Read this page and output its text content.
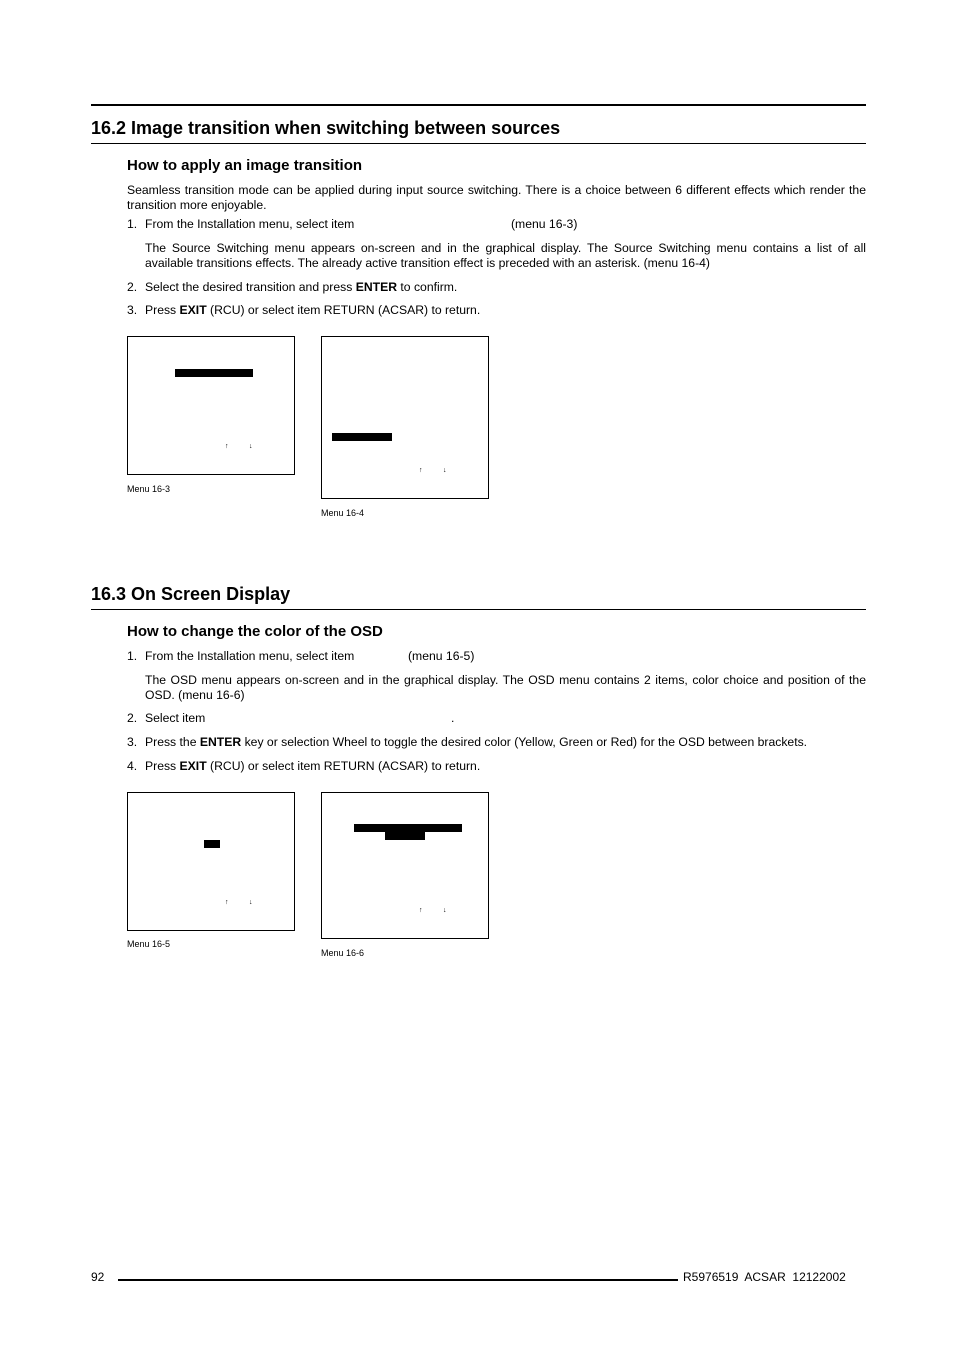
16.2 Image transition when switching between sources
How to apply an image transition
Seamless transition mode can be applied during input source switching. There is a choice between 6 different effects which render the transition more enjoyable.
1. From the Installation menu, select item	(menu 16-3)
The Source Switching menu appears on-screen and in the graphical display. The Source Switching menu contains a list of all available transitions effects. The already active transition effect is preceded with an asterisk. (menu 16-4)
2. Select the desired transition and press ENTER to confirm.
3. Press EXIT (RCU) or select item RETURN (ACSAR) to return.
↑	↓
Menu 16-3
↑	↓
Menu 16-4
16.3 On Screen Display
How to change the color of the OSD
1. From the Installation menu, select item	(menu 16-5)
The OSD menu appears on-screen and in the graphical display. The OSD menu contains 2 items, color choice and position of the OSD. (menu 16-6)
2. Select item	.
3. Press the ENTER key or selection Wheel to toggle the desired color (Yellow, Green or Red) for the OSD between brackets.
4. Press EXIT (RCU) or select item RETURN (ACSAR) to return.
↑	↓
Menu 16-5
↑	↓
Menu 16-6
92	R5976519  ACSAR  12122002
